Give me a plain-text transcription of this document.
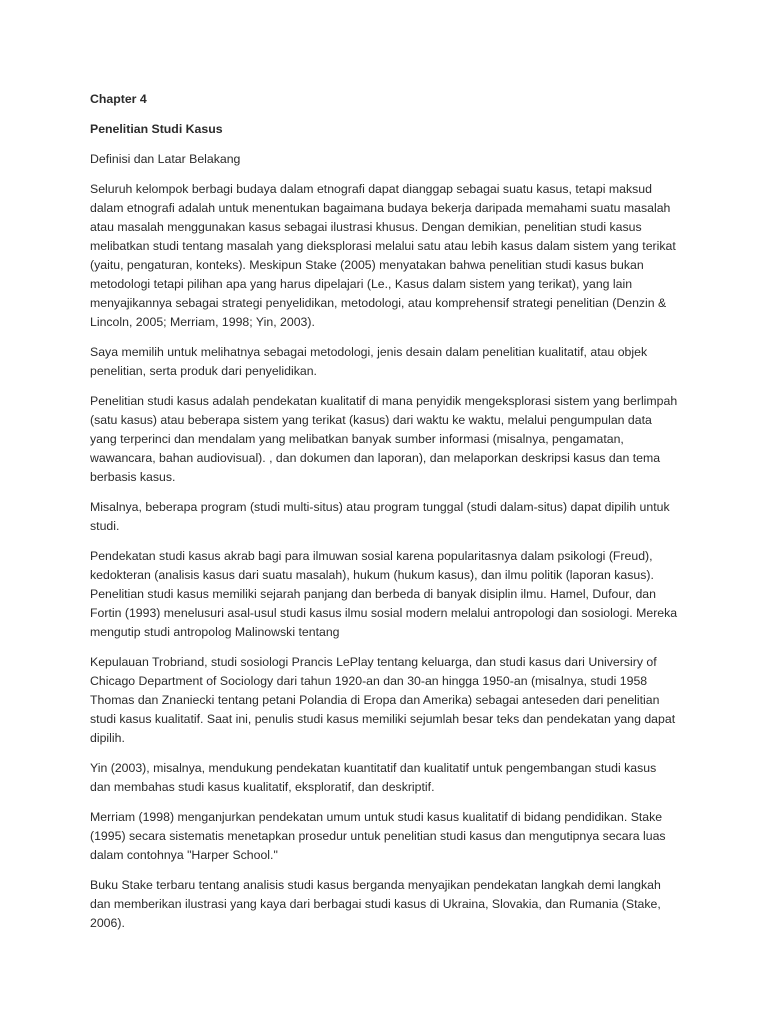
Chapter 4

Penelitian Studi Kasus

Definisi dan Latar Belakang

Seluruh kelompok berbagi budaya dalam etnografi dapat dianggap sebagai suatu kasus, tetapi maksud dalam etnografi adalah untuk menentukan bagaimana budaya bekerja daripada memahami suatu masalah atau masalah menggunakan kasus sebagai ilustrasi khusus. Dengan demikian, penelitian studi kasus melibatkan studi tentang masalah yang dieksplorasi melalui satu atau lebih kasus dalam sistem yang terikat (yaitu, pengaturan, konteks). Meskipun Stake (2005) menyatakan bahwa penelitian studi kasus bukan metodologi tetapi pilihan apa yang harus dipelajari (Le., Kasus dalam sistem yang terikat), yang lain menyajikannya sebagai strategi penyelidikan, metodologi, atau komprehensif strategi penelitian (Denzin & Lincoln, 2005; Merriam, 1998; Yin, 2003).

Saya memilih untuk melihatnya sebagai metodologi, jenis desain dalam penelitian kualitatif, atau objek penelitian, serta produk dari penyelidikan.

Penelitian studi kasus adalah pendekatan kualitatif di mana penyidik mengeksplorasi sistem yang berlimpah (satu kasus) atau beberapa sistem yang terikat (kasus) dari waktu ke waktu, melalui pengumpulan data yang terperinci dan mendalam yang melibatkan banyak sumber informasi (misalnya, pengamatan, wawancara, bahan audiovisual). , dan dokumen dan laporan), dan melaporkan deskripsi kasus dan tema berbasis kasus.

Misalnya, beberapa program (studi multi-situs) atau program tunggal (studi dalam-situs) dapat dipilih untuk studi.

Pendekatan studi kasus akrab bagi para ilmuwan sosial karena popularitasnya dalam psikologi (Freud), kedokteran (analisis kasus dari suatu masalah), hukum (hukum kasus), dan ilmu politik (laporan kasus). Penelitian studi kasus memiliki sejarah panjang dan berbeda di banyak disiplin ilmu. Hamel, Dufour, dan Fortin (1993) menelusuri asal-usul studi kasus ilmu sosial modern melalui antropologi dan sosiologi. Mereka mengutip studi antropolog Malinowski tentang

Kepulauan Trobriand, studi sosiologi Prancis LePlay tentang keluarga, dan studi kasus dari Universiry of Chicago Department of Sociology dari tahun 1920-an dan 30-an hingga 1950-an (misalnya, studi 1958 Thomas dan Znaniecki tentang petani Polandia di Eropa dan Amerika) sebagai anteseden dari penelitian studi kasus kualitatif. Saat ini, penulis studi kasus memiliki sejumlah besar teks dan pendekatan yang dapat dipilih.

Yin (2003), misalnya, mendukung pendekatan kuantitatif dan kualitatif untuk pengembangan studi kasus dan membahas studi kasus kualitatif, eksploratif, dan deskriptif.

Merriam (1998) menganjurkan pendekatan umum untuk studi kasus kualitatif di bidang pendidikan. Stake (1995) secara sistematis menetapkan prosedur untuk penelitian studi kasus dan mengutipnya secara luas dalam contohnya "Harper School."

Buku Stake terbaru tentang analisis studi kasus berganda menyajikan pendekatan langkah demi langkah dan memberikan ilustrasi yang kaya dari berbagai studi kasus di Ukraina, Slovakia, dan Rumania (Stake, 2006).
